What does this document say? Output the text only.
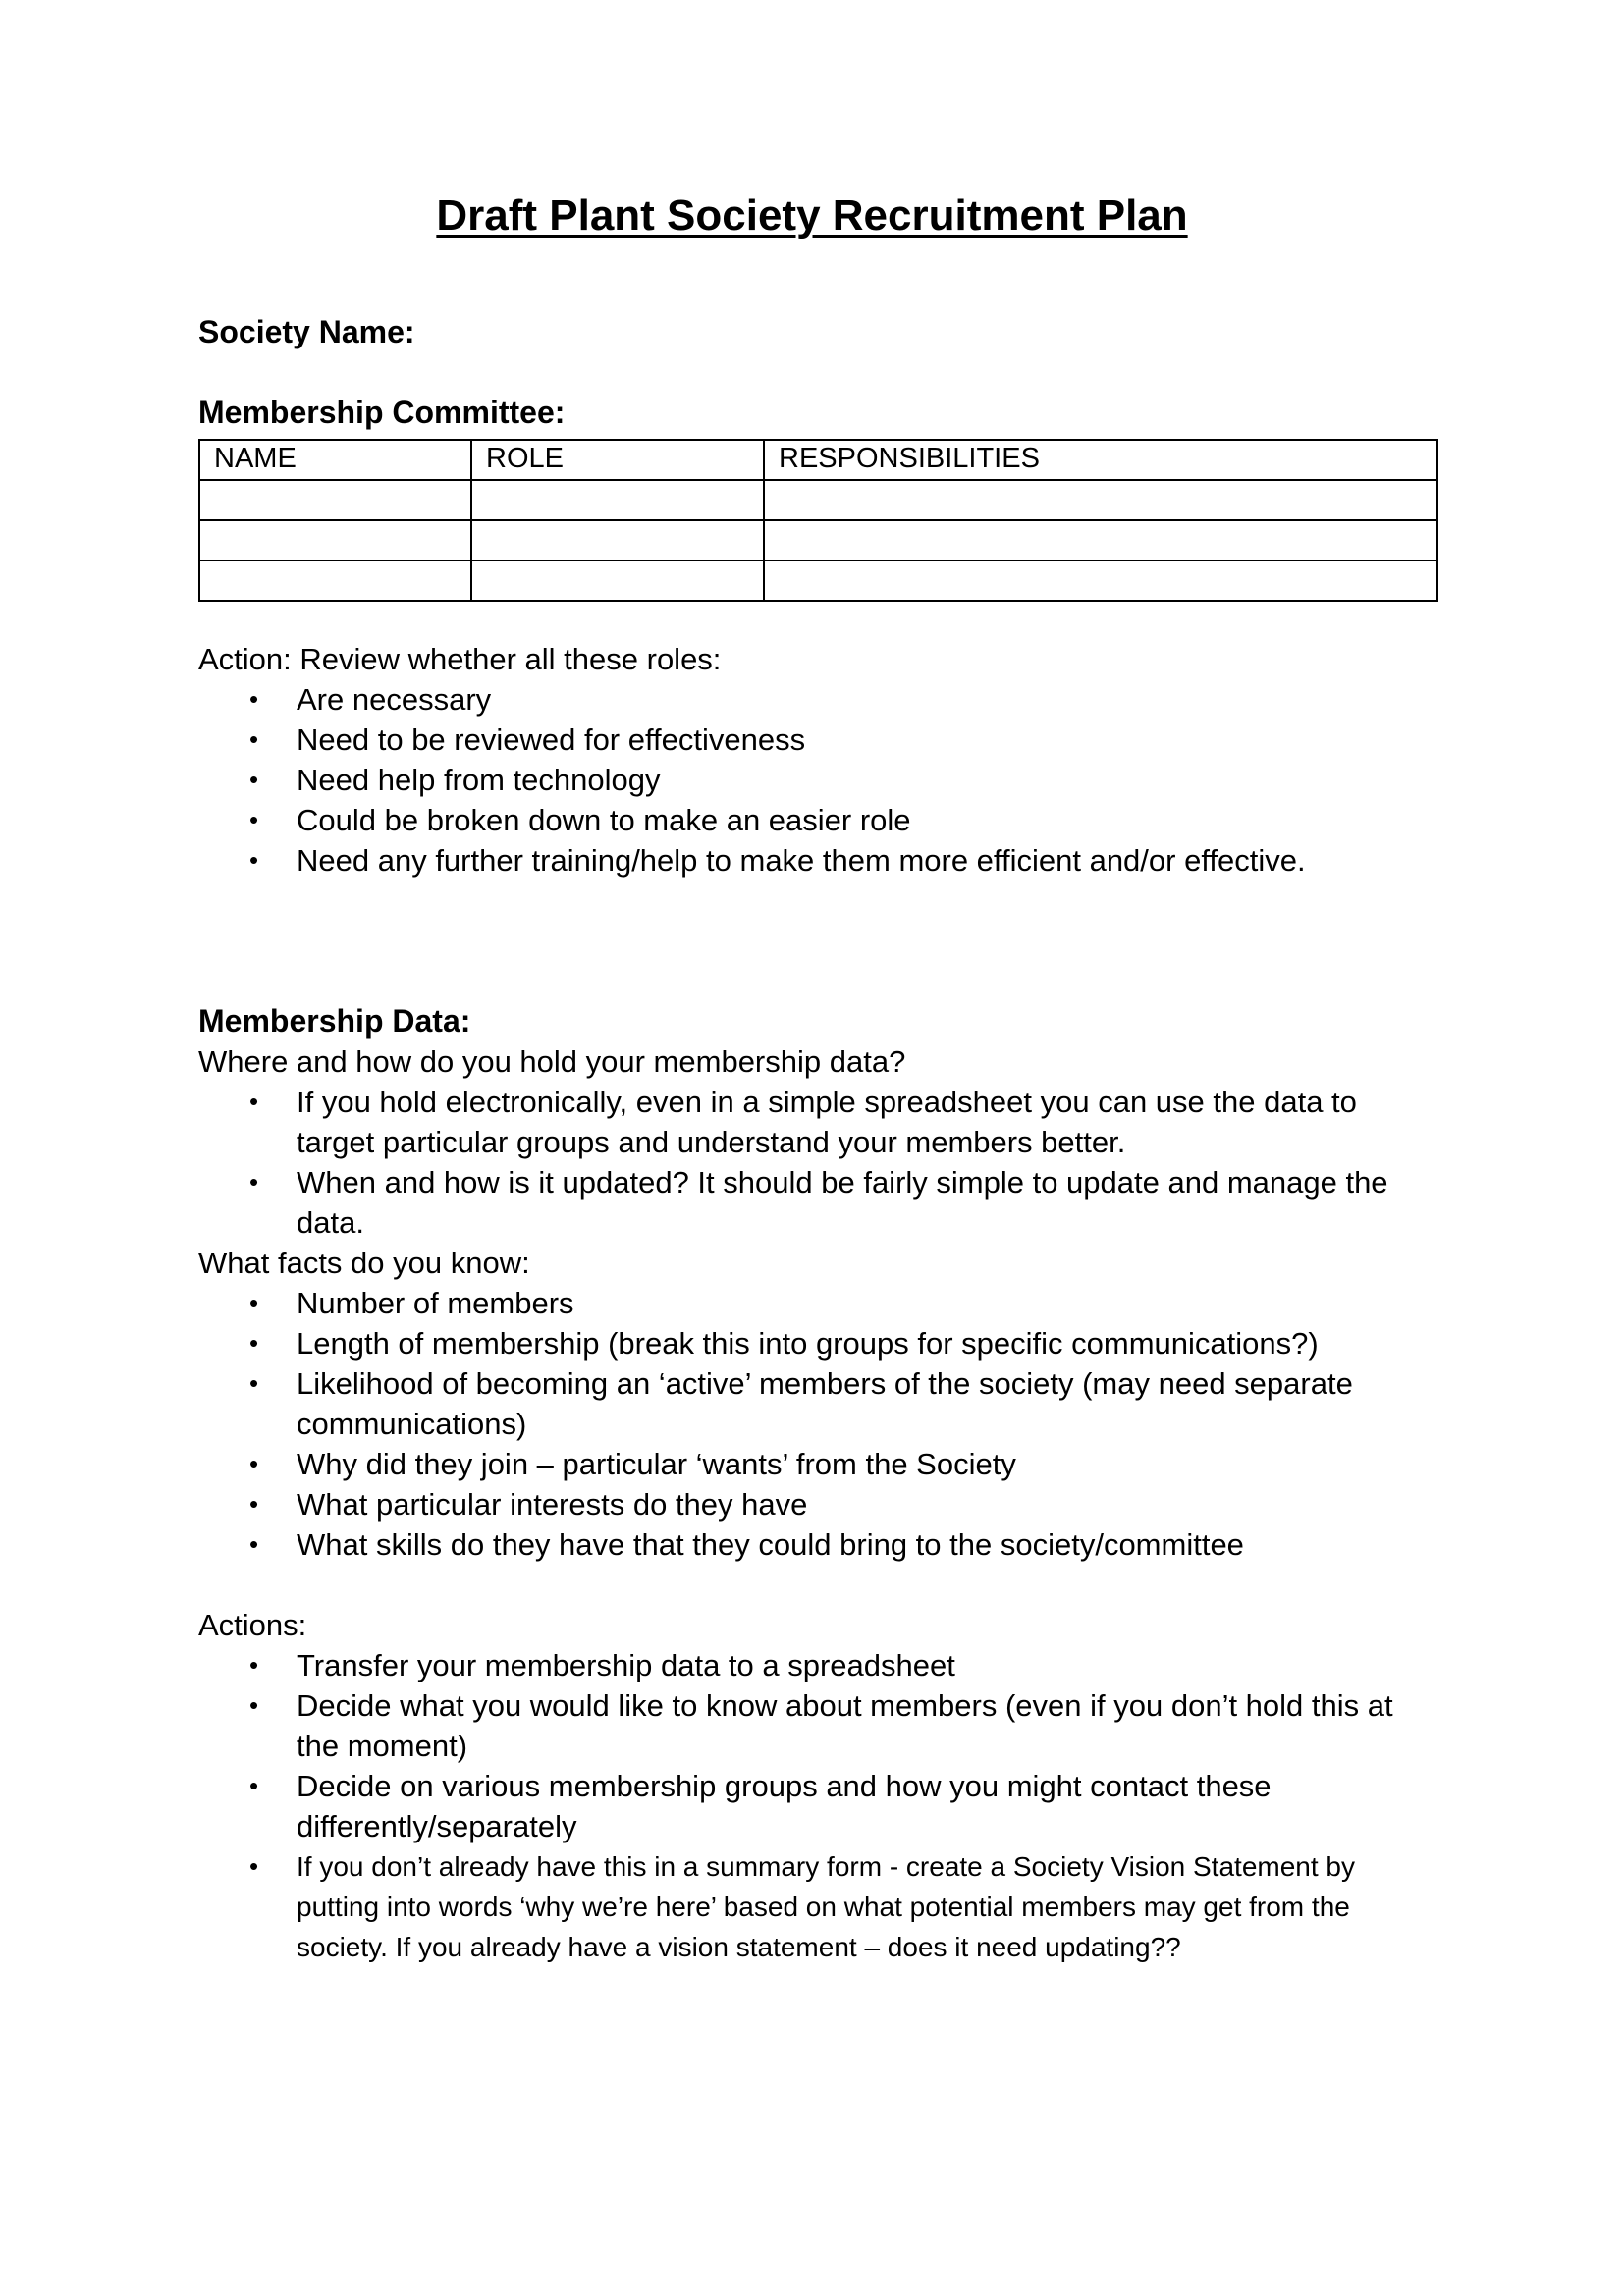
Draft Plant Society Recruitment Plan

Society Name:

Membership Committee:

NAME	ROLE	RESPONSIBILITIES

Action: Review whether all these roles:

• Are necessary
• Need to be reviewed for effectiveness
• Need help from technology
• Could be broken down to make an easier role
• Need any further training/help to make them more efficient and/or effective.

Membership Data:

Where and how do you hold your membership data?

• If you hold electronically, even in a simple spreadsheet you can use the data to target particular groups and understand your members better.
• When and how is it updated? It should be fairly simple to update and manage the data.

What facts do you know:

• Number of members
• Length of membership (break this into groups for specific communications?)
• Likelihood of becoming an ‘active’ members of the society (may need separate communications)
• Why did they join – particular ‘wants’ from the Society
• What particular interests do they have
• What skills do they have that they could bring to the society/committee

Actions:

• Transfer your membership data to a spreadsheet
• Decide what you would like to know about members (even if you don’t hold this at the moment)
• Decide on various membership groups and how you might contact these differently/separately
• If you don’t already have this in a summary form - create a Society Vision Statement by putting into words ‘why we’re here’ based on what potential members may get from the society. If you already have a vision statement – does it need updating??
